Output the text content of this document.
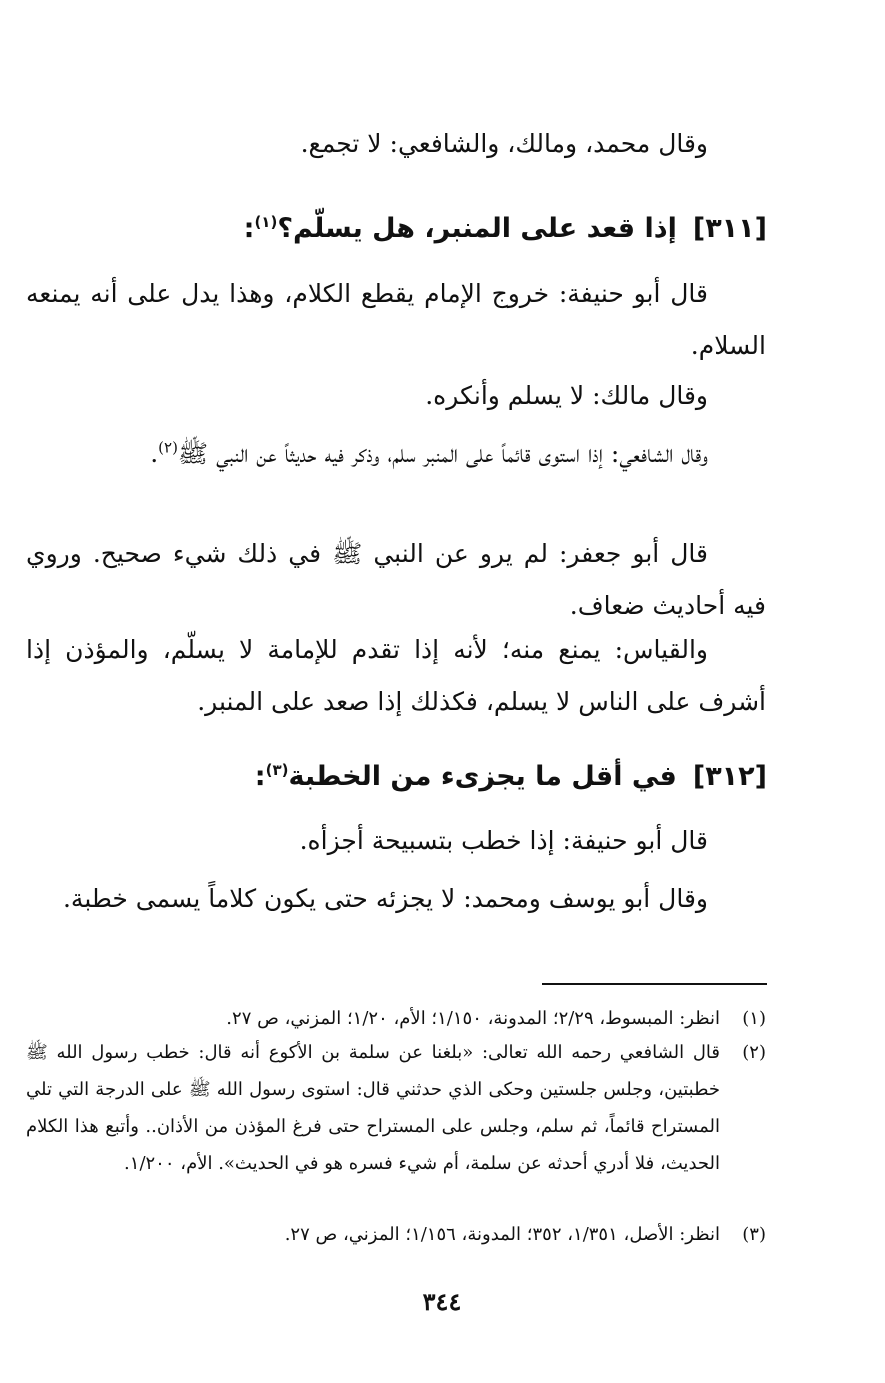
وقال محمد، ومالك، والشافعي: لا تجمع.

[٣١١]إذا قعد على المنبر، هل يسلّم؟$^{(١)}$:

قال أبو حنيفة: خروج الإمام يقطع الكلام، وهذا يدل على أنه يمنعه السلام.

وقال مالك: لا يسلم وأنكره.

وقال الشافعي: إذا استوى قائماً على المنبر سلم، وذكر فيه حديثاً عن النبي ﷺ$^{(٢)}$.

قال أبو جعفر: لم يرو عن النبي ﷺ في ذلك شيء صحيح. وروي فيه أحاديث ضعاف.

والقياس: يمنع منه؛ لأنه إذا تقدم للإمامة لا يسلّم، والمؤذن إذا أشرف على الناس لا يسلم، فكذلك إذا صعد على المنبر.

[٣١٢]في أقل ما يجزىء من الخطبة$^{(٣)}$:

قال أبو حنيفة: إذا خطب بتسبيحة أجزأه.

وقال أبو يوسف ومحمد: لا يجزئه حتى يكون كلاماً يسمى خطبة.

(١)
انظر: المبسوط، ٢/٢٩؛ المدونة، ١/١٥٠؛ الأم، ١/٢٠؛ المزني، ص ٢٧.
(٢)
قال الشافعي رحمه الله تعالى: «بلغنا عن سلمة بن الأكوع أنه قال: خطب رسول الله ﷺ خطبتين، وجلس جلستين وحكى الذي حدثني قال: استوى رسول الله ﷺ على الدرجة التي تلي المستراح قائماً، ثم سلم، وجلس على المستراح حتى فرغ المؤذن من الأذان.. وأتبع هذا الكلام الحديث، فلا أدري أحدثه عن سلمة، أم شيء فسره هو في الحديث». الأم، ١/٢٠٠.
(٣)
انظر: الأصل، ١/٣٥١، ٣٥٢؛ المدونة، ١/١٥٦؛ المزني، ص ٢٧.
٣٤٤
